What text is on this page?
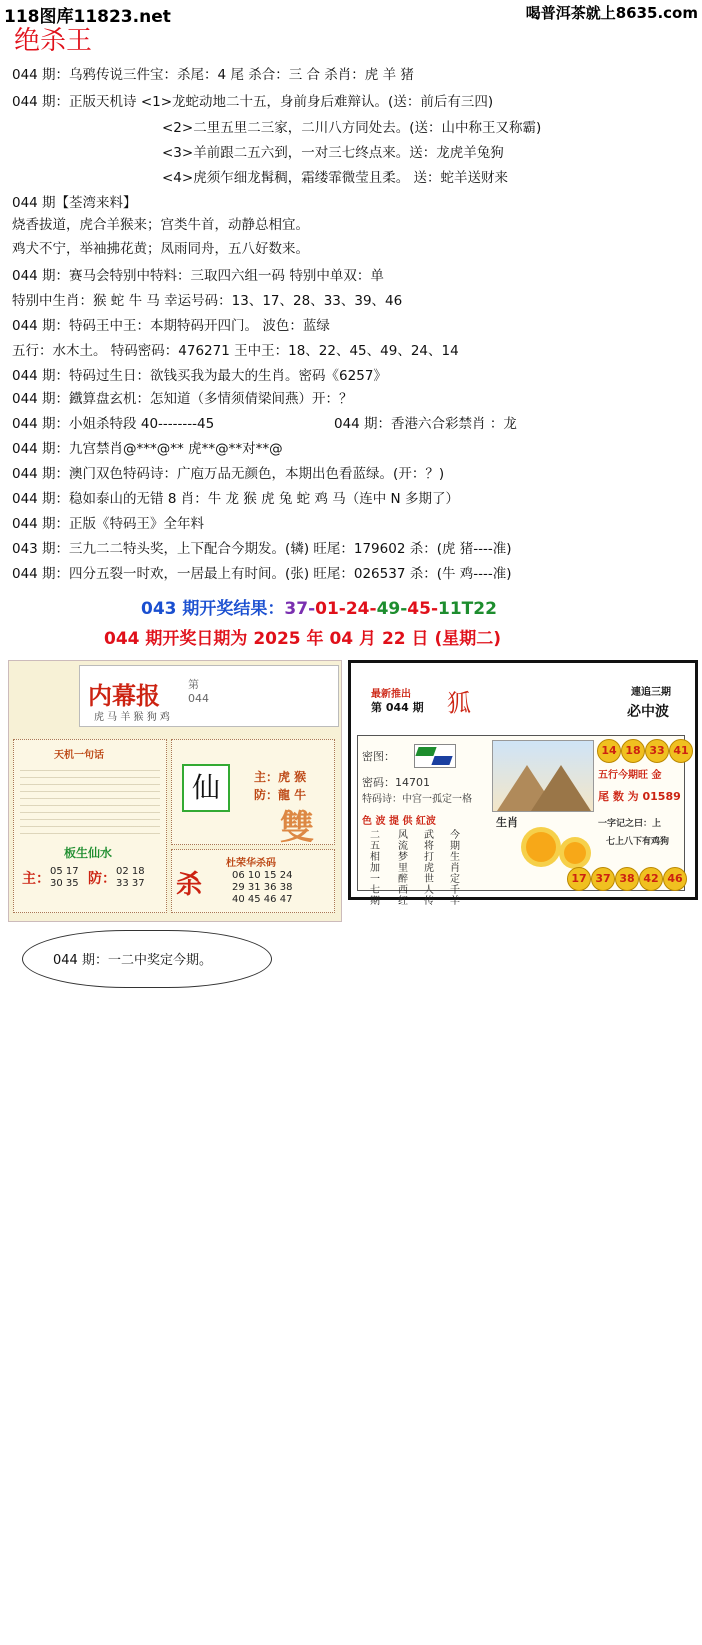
118图库11823.net	喝普洱茶就上8635.com
绝杀王
044 期：乌鸦传说三件宝：杀尾：4 尾 杀合：三 合 杀肖：虎 羊 猪
044 期：正版天机诗 <1>龙蛇动地二十五，身前身后难辩认。(送：前后有三四)
<2>二里五里二三家，二川八方同处去。(送：山中称王又称霸)
<3>羊前跟二五六到，一对三七终点来。送：龙虎羊兔狗
<4>虎须乍细龙髯稠，霜缕霏微莹且柔。 送：蛇羊送财来
044 期【荃湾来料】
烧香拔道，虎合羊猴来；宫类牛首，动静总相宜。
鸡犬不宁，举袖拂花黄；凤雨同舟，五八好数来。
044 期：赛马会特别中特料：三取四六组一码 特别中单双：单
特别中生肖：猴 蛇 牛 马 幸运号码：13、17、28、33、39、46
044 期：特码王中王：本期特码开四门。 波色：蓝绿
五行：水木土。 特码密码：476271 王中王：18、22、45、49、24、14
044 期：特码过生日：欲钱买我为最大的生肖。密码《6257》
044 期：鐡算盘玄机：怎知道（多情须倩梁间燕）开：？
044 期：小姐杀特段 40--------45	044 期：香港六合彩禁肖 ：龙
044 期：九宫禁肖@***@** 虎**@**对**@
044 期：澳门双色特码诗：广庖万品无颜色，本期出色看蓝绿。(开：？)
044 期：稳如泰山的无错 8 肖：牛 龙 猴 虎 兔 蛇 鸡 马（连中 N 多期了）
044 期：正版《特码王》全年料
043 期：三九二二特头奖，上下配合今期发。(辚) 旺尾：179602 杀：(虎 猪----准)
044 期：四分五裂一时欢，一居最上有时间。(张) 旺尾：026537 杀：(牛 鸡----准)
043 期开奖结果：37-01-24-49-45-11T22
044 期开奖日期为 2025 年 04 月 22 日 (星期二)
内幕报
虎 马 羊 猴 狗 鸡
第
044
天机一句话
板生仙水
主： 05 17
30 35 防： 02 18
33 37
仙	主：虎 猴
防：龍 牛
雙
杜荣华杀码
06 10 15 24
29 31 36 38
40 45 46 47
杀
044 期：一二中奖定今期。
最新推出
第 044 期 狐	連追三期
必中波
密图：
密码：14701
特码诗：中宫一孤定一格
五行今期旺 金
尾 数 为 01589
色 波 提 供 紅波
二五相加一七期
风流梦里醉西红
武将打虎世人传
今期生肖定千羊
生肖	一字记之曰：上
七上八下有鸡狗
14 18 33 41
17 37 38 42 46
